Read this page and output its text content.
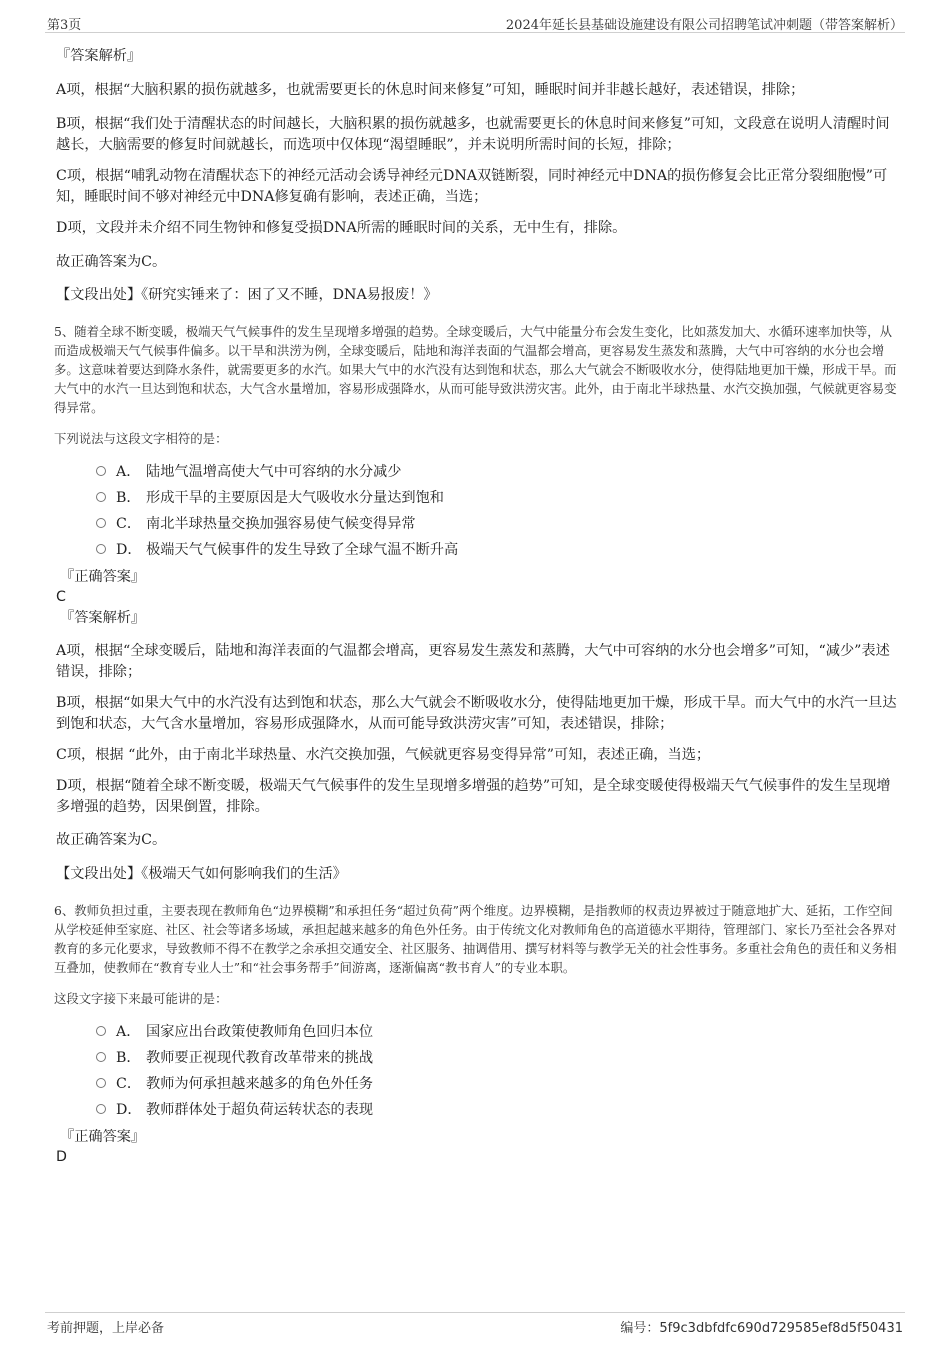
第3页	2024年延长县基础设施建设有限公司招聘笔试冲刺题（带答案解析）

『答案解析』

A项，根据“大脑积累的损伤就越多，也就需要更长的休息时间来修复”可知，睡眠时间并非越长越好，表述错误，排除；

B项，根据“我们处于清醒状态的时间越长，大脑积累的损伤就越多，也就需要更长的休息时间来修复”可知，文段意在说明人清醒时间越长，大脑需要的修复时间就越长，而选项中仅体现“渴望睡眠”，并未说明所需时间的长短，排除；

C项，根据“哺乳动物在清醒状态下的神经元活动会诱导神经元DNA双链断裂，同时神经元中DNA的损伤修复会比正常分裂细胞慢”可知，睡眠时间不够对神经元中DNA修复确有影响，表述正确，当选；

D项，文段并未介绍不同生物钟和修复受损DNA所需的睡眠时间的关系，无中生有，排除。

故正确答案为C。

【文段出处】《研究实锤来了：困了又不睡，DNA易报废！》

5、随着全球不断变暖，极端天气气候事件的发生呈现增多增强的趋势。全球变暖后，大气中能量分布会发生变化，比如蒸发加大、水循环速率加快等，从而造成极端天气气候事件偏多。以干旱和洪涝为例，全球变暖后，陆地和海洋表面的气温都会增高，更容易发生蒸发和蒸腾，大气中可容纳的水分也会增多。这意味着要达到降水条件，就需要更多的水汽。如果大气中的水汽没有达到饱和状态，那么大气就会不断吸收水分，使得陆地更加干燥，形成干旱。而大气中的水汽一旦达到饱和状态，大气含水量增加，容易形成强降水，从而可能导致洪涝灾害。此外，由于南北半球热量、水汽交换加强，气候就更容易变得异常。

下列说法与这段文字相符的是：

A． 陆地气温增高使大气中可容纳的水分减少
B． 形成干旱的主要原因是大气吸收水分量达到饱和
C． 南北半球热量交换加强容易使气候变得异常
D． 极端天气气候事件的发生导致了全球气温不断升高

『正确答案』

C

『答案解析』

A项，根据“全球变暖后，陆地和海洋表面的气温都会增高，更容易发生蒸发和蒸腾，大气中可容纳的水分也会增多”可知，“减少”表述错误，排除；

B项，根据“如果大气中的水汽没有达到饱和状态，那么大气就会不断吸收水分，使得陆地更加干燥，形成干旱。而大气中的水汽一旦达到饱和状态，大气含水量增加，容易形成强降水，从而可能导致洪涝灾害”可知，表述错误，排除；

C项，根据 “此外，由于南北半球热量、水汽交换加强，气候就更容易变得异常”可知，表述正确，当选；

D项，根据“随着全球不断变暖，极端天气气候事件的发生呈现增多增强的趋势”可知，是全球变暖使得极端天气气候事件的发生呈现增多增强的趋势，因果倒置，排除。

故正确答案为C。

【文段出处】《极端天气如何影响我们的生活》

6、教师负担过重，主要表现在教师角色“边界模糊”和承担任务“超过负荷”两个维度。边界模糊，是指教师的权责边界被过于随意地扩大、延拓，工作空间从学校延伸至家庭、社区、社会等诸多场域，承担起越来越多的角色外任务。由于传统文化对教师角色的高道德水平期待，管理部门、家长乃至社会各界对教育的多元化要求，导致教师不得不在教学之余承担交通安全、社区服务、抽调借用、撰写材料等与教学无关的社会性事务。多重社会角色的责任和义务相互叠加，使教师在“教育专业人士”和“社会事务帮手”间游离，逐渐偏离“教书育人”的专业本职。

这段文字接下来最可能讲的是：

A． 国家应出台政策使教师角色回归本位
B． 教师要正视现代教育改革带来的挑战
C． 教师为何承担越来越多的角色外任务
D． 教师群体处于超负荷运转状态的表现

『正确答案』

D

考前押题，上岸必备	编号：5f9c3dbfdfc690d729585ef8d5f50431
